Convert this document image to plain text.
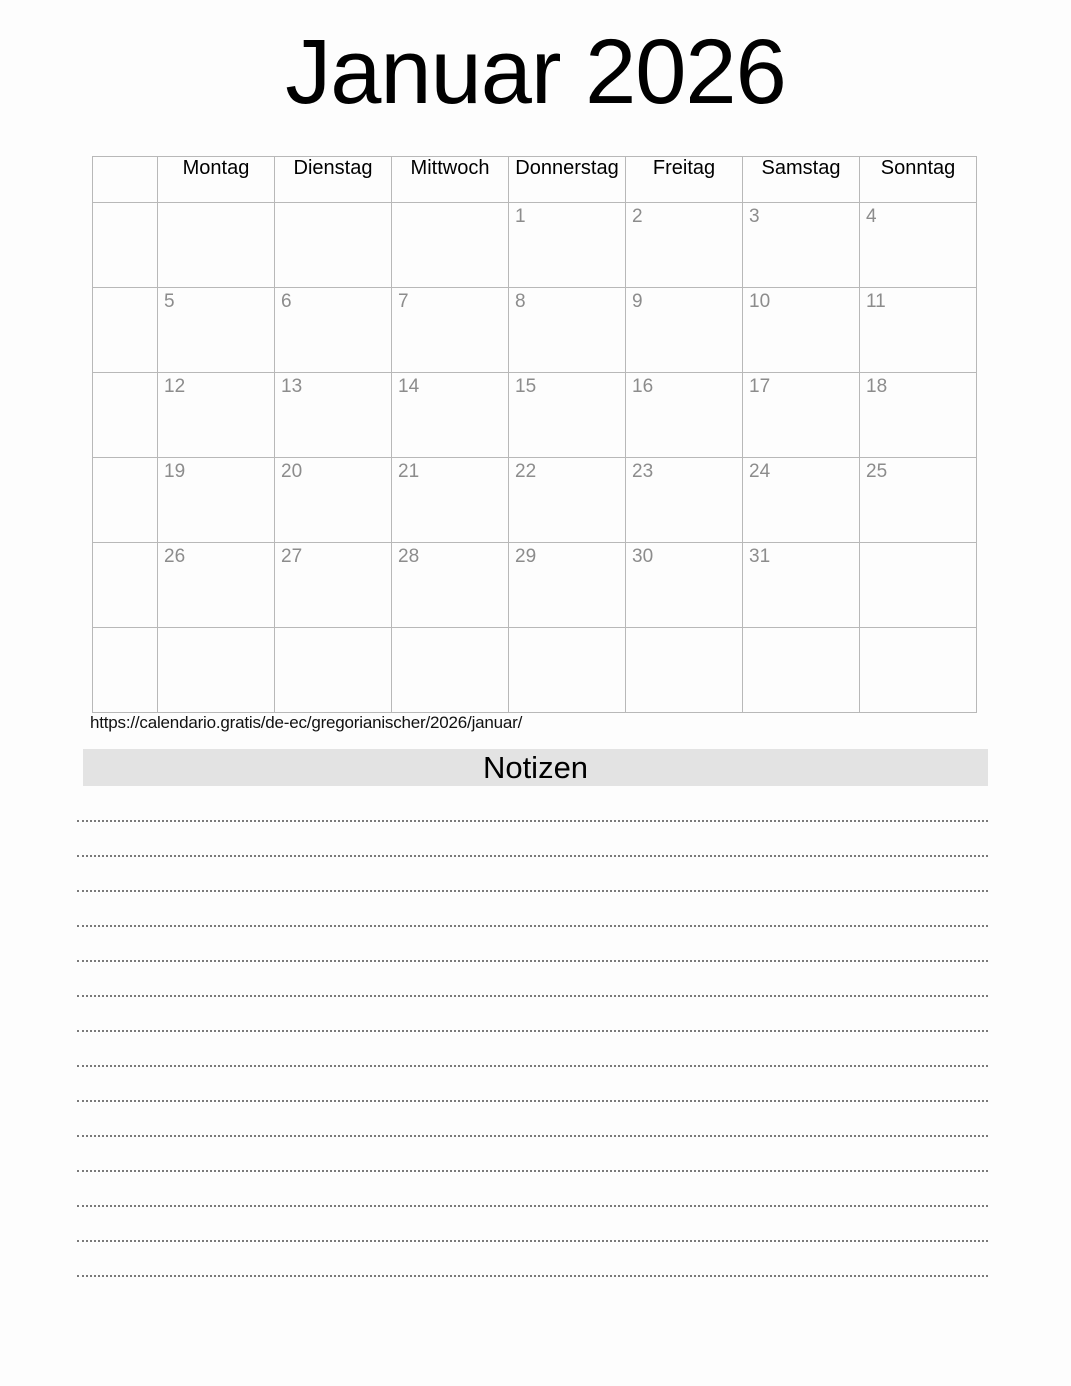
Januar 2026
	Montag	Dienstag	Mittwoch	Donnerstag	Freitag	Samstag	Sonntag

				1	2	3	4

	5	6	7	8	9	10	11

	12	13	14	15	16	17	18

	19	20	21	22	23	24	25

	26	27	28	29	30	31	

https://calendario.gratis/de-ec/gregorianischer/2026/januar/
Notizen
